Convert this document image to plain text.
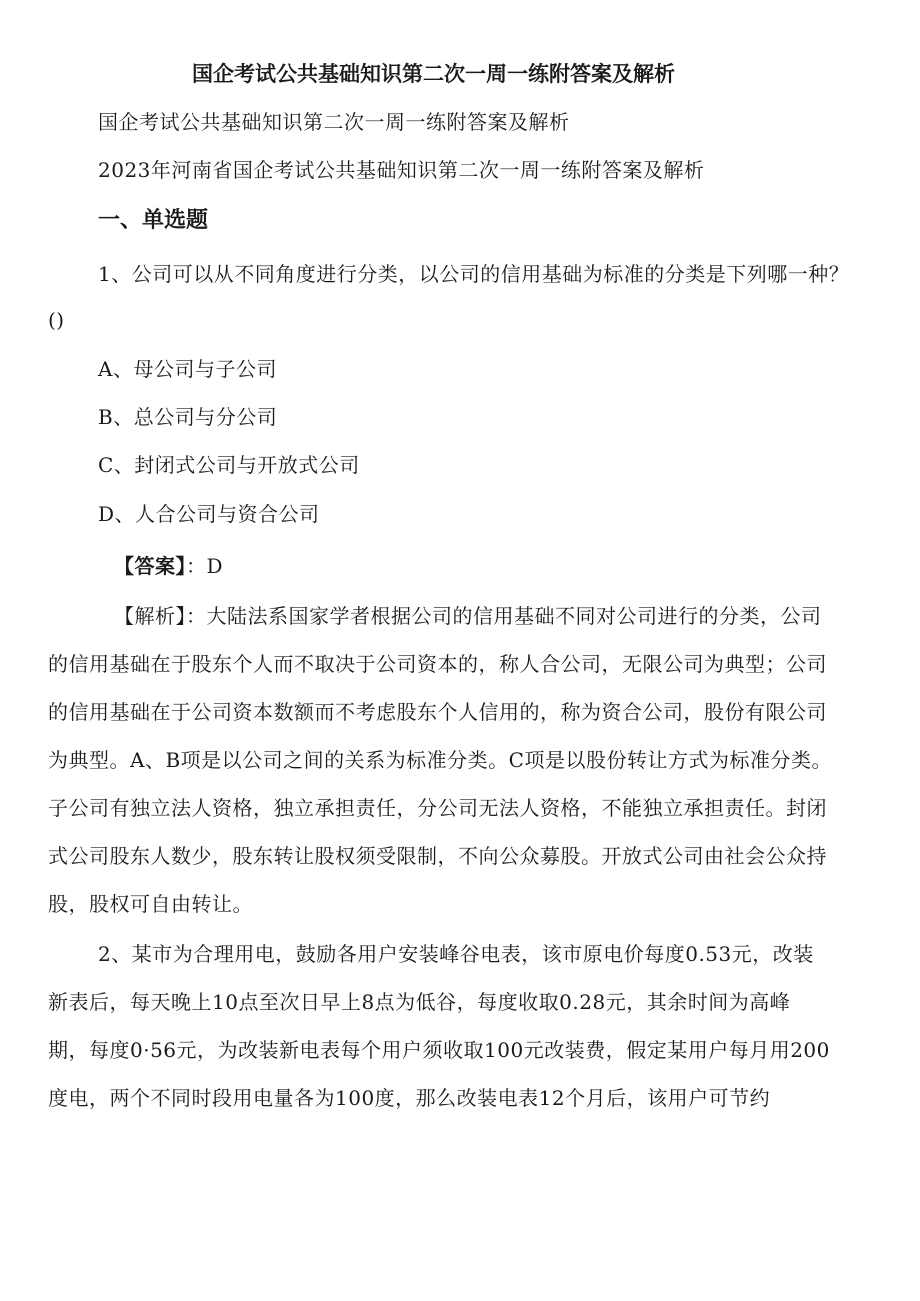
国企考试公共基础知识第二次一周一练附答案及解析
国企考试公共基础知识第二次一周一练附答案及解析
2023年河南省国企考试公共基础知识第二次一周一练附答案及解析
一、单选题
1、公司可以从不同角度进行分类，以公司的信用基础为标准的分类是下列哪一种？
()
A、母公司与子公司
B、总公司与分公司
C、封闭式公司与开放式公司
D、人合公司与资合公司
【答案】：D
【解析】：大陆法系国家学者根据公司的信用基础不同对公司进行的分类，公司
的信用基础在于股东个人而不取决于公司资本的，称人合公司，无限公司为典型；公司
的信用基础在于公司资本数额而不考虑股东个人信用的，称为资合公司，股份有限公司
为典型。A、B项是以公司之间的关系为标准分类。C项是以股份转让方式为标准分类。
子公司有独立法人资格，独立承担责任，分公司无法人资格，不能独立承担责任。封闭
式公司股东人数少，股东转让股权须受限制，不向公众募股。开放式公司由社会公众持
股，股权可自由转让。
2、某市为合理用电，鼓励各用户安装峰谷电表，该市原电价每度0.53元，改装
新表后，每天晚上10点至次日早上8点为低谷，每度收取0.28元，其余时间为高峰
期，每度0·56元，为改装新电表每个用户须收取100元改装费，假定某用户每月用200
度电，两个不同时段用电量各为100度，那么改装电表12个月后，该用户可节约
